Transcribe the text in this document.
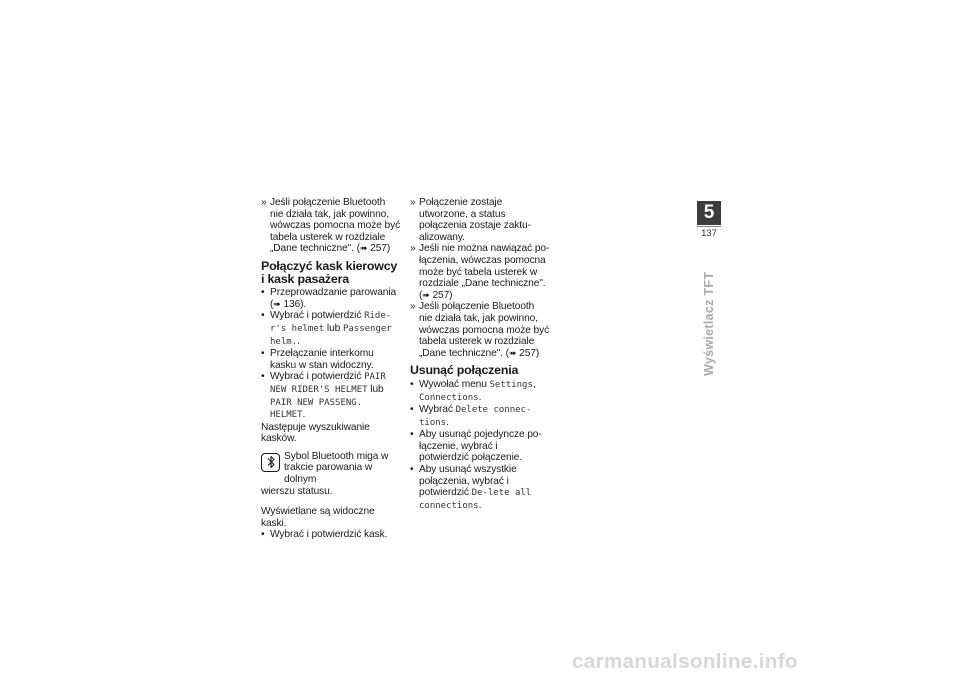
» Jeśli połączenie Bluetooth nie działa tak, jak powinno, wówczas pomocna może być tabela usterek w rozdziale „Dane techniczne". (➠ 257)

Połączyć kask kierowcy i kask pasażera

• Przeprowadzanie parowania (➠ 136).

• Wybrać i potwierdzić Ride-r's helmet lub Passenger helm..

• Przełączanie interkomu kasku w stan widoczny.

• Wybrać i potwierdzić PAIR NEW RIDER'S HELMET lub PAIR NEW PASSENG. HELMET.

Następuje wyszukiwanie kasków.

Sybol Bluetooth miga w trakcie parowania w dolnym

wierszu statusu.

Wyświetlane są widoczne kaski.

• Wybrać i potwierdzić kask.

» Połączenie zostaje utworzone, a status połączenia zostaje zaktualizowany.

» Jeśli nie można nawiązać połączenia, wówczas pomocna może być tabela usterek w rozdziale „Dane techniczne". (➠ 257)

» Jeśli połączenie Bluetooth nie działa tak, jak powinno, wówczas pomocna może być tabela usterek w rozdziale „Dane techniczne". (➠ 257)

Usunąć połączenia

• Wywołać menu Settings, Connections.

• Wybrać Delete connec-tions.

• Aby usunąć pojedyncze połączenie, wybrać i potwierdzić połączenie.

• Aby usunąć wszystkie połączenia, wybrać i potwierdzić De-lete all connections.

5
137
Wyświetlacz TFT
carmanualsonline.info
